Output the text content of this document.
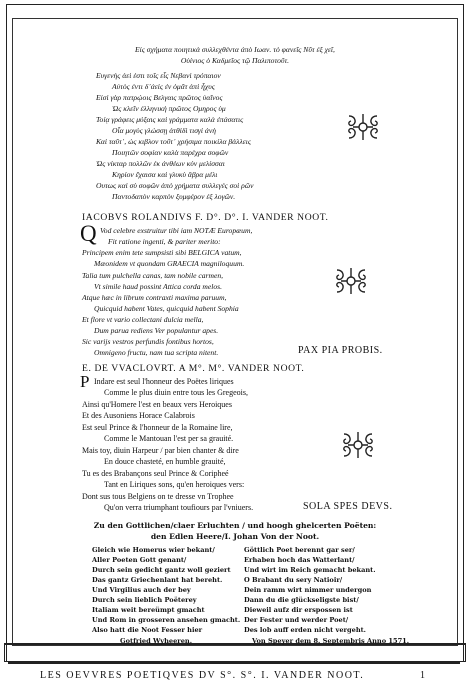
Εἰς σχήματα ποιητικὰ συλλεχθέντα ἀπὸ Ιωαν. τὸ φανεῖς Νῦτ ἐξ χεῖ,
Οὐίνιος ὁ Καδμεῖος τῷ Παλιποτοῦτ.
Ευγενὴς ἀεὶ ἐστι τοῖς εἷς Νεβανὶ τρόπαιον
Αὐτὸς ἐντι δ᾽ἀεὶς ἐν ὀμᾶτ ἀπὶ ἦχυς
Εἰσὶ γὰρ πατρῴοις Βελγαις πρῶτος ὑαῖνος
Ὡς κλεῖν ἐλληνικὴ πρῶτος Ομηρος ὑμ
Τοίᾳ γράφεις μύξαις καὶ γράμματα καλὰ ἐπάσατις
Οἷα μογὺς γλώσσῃ ἀτθὶδὶ τισγὶ ἀνὴ
Καὶ ταῦτ᾽, ὡς κιβλον τοῦτ᾽ χρήσιμα ποικίλα βάλλεις
Ποιητῶν σοφίαν καλὰ παρὲχρα σοφῶν
Ὡς νίκταρ πολλῶν ἐκ ἀνθέων κύν μελίσσαι
Κηρίον ἔχαισα καὶ γλυκὺ ἄβρα μέλι
Ουτως καὶ σὺ σοφῶν ἀπὸ χρήματα συλλεγές σοὶ ρῶν
Παντοδαπὸν καρπὸν ξυμφέρον ἐξ λογῶν.
IACOBVS ROLANDIVS F. D°. D°. I. VANDER NOOT.
Q Vod celebre exstruitur tibi iam NOTÆ Europæum,
Fit ratione ingenti, & pariter merito:
Principem enim tete sumpsisti sibi BELGICA vatum,
Mæonidem vt quondam GRAECIA magniloquum.
Talia tum pulchella canas, tam nobile carmen,
Vt simile haud possint Attica corda melos.
Atque hæc in librum contraxti maxima paruum,
Quicquid habent Vates, quicquid habent Sophia
Et flore vt vario collectani dulcia mella,
Dum parua rediens Ver populantur apes.
Sic varijs vestros perfundis fontibus hortos,
Omnigeno fructu, nam tua scripta nitent.	PAX PIA PROBIS.
E. DE VVACLOVRT. A M°. M°. VANDER NOOT.
P Indare est seul l'honneur des Poëtes liriques
Comme le plus diuin entre tous les Gregeois,
Ainsi qu'Homere l'est en beaux vers Heroiques
Et des Ausoniens Horace Calabrois
Est seul Prince & l'honneur de la Romaine lire,
Comme le Mantouan l'est per sa grauité.
Mais toy, diuin Harpeur / par bien chanter & dire
En douce chasteté, en humble grauité,
Tu es des Brabançons seul Prince & Coripheé
Tant en Liriques sons, qu'en heroiques vers:
Dont sus tous Belgiens on te dresse vn Trophee
Qu'on verra triumphant toufiours par l'vniuers.	SOLA SPES DEVS.
Zu den Gottlichen/claer Erluchten / und hoogh ghelcerten Poëten:
den Edlen Heere/I. Johan Von der Noot.
Gleich wie Homerus wier bekant/
Aller Poeten Gott genant/
Durch sein gedicht gantz woll geziert
Das gantz Griechenlant hat bereht.
Und Virgilius auch der bey
Durch sein lieblich Poëterey
Italiam weit bereümpt gmacht
Und Rom in grosseren ansehen gmacht.
Also hatt die Noot Fesser hier
Gotfried Wyheeren.
Göttlich Poet berennt gar ser/
Erhaben hoch das Watterlant/
Und wirt im Reich gemacht bekant.
O Brabant du sery Natioir/
Dein ramm wirt nimmer undergon
Dann du die glückseligste bist/
Dieweil aufz dir erspossen ist
Der Fester und werder Poet/
Des lob auff erden nicht vergeht.
Von Speyer dem 8. Septembris Anno 1571.
LES OEVVRES POETIQVES DV S°. S°. I. VANDER NOOT.	1
